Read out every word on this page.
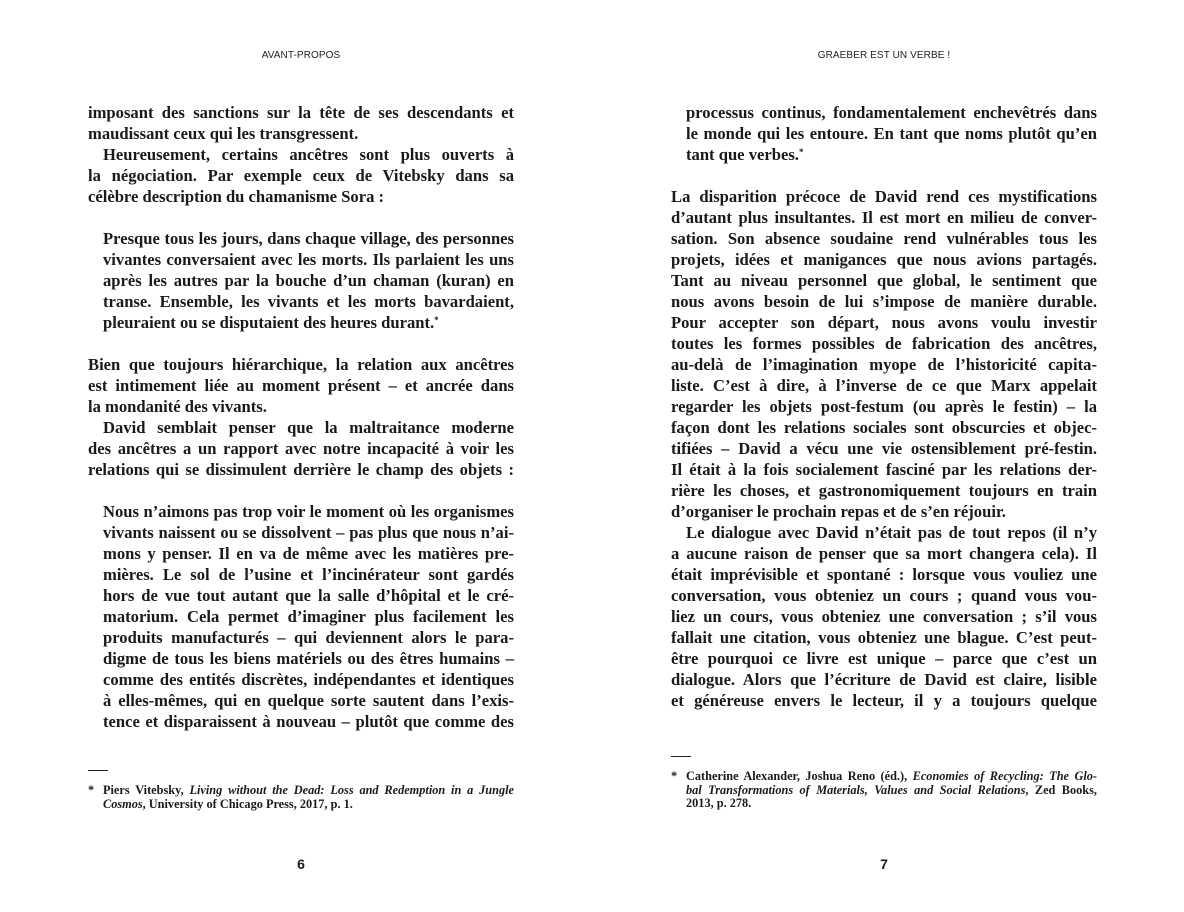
AVANT-PROPOS

imposant des sanctions sur la tête de ses descendants et
maudissant ceux qui les transgressent.

Heureusement, certains ancêtres sont plus ouverts à
la négociation. Par exemple ceux de Vitebsky dans sa
célèbre description du chamanisme Sora :

Presque tous les jours, dans chaque village, des personnes
vivantes conversaient avec les morts. Ils parlaient les uns
après les autres par la bouche d’un chaman (kuran) en
transe. Ensemble, les vivants et les morts bavardaient,
pleuraient ou se disputaient des heures durant.*

Bien que toujours hiérarchique, la relation aux ancêtres
est intimement liée au moment présent – et ancrée dans
la mondanité des vivants.

David semblait penser que la maltraitance moderne
des ancêtres a un rapport avec notre incapacité à voir les
relations qui se dissimulent derrière le champ des objets :

Nous n’aimons pas trop voir le moment où les organismes
vivants naissent ou se dissolvent – pas plus que nous n’ai-
mons y penser. Il en va de même avec les matières pre-
mières. Le sol de l’usine et l’incinérateur sont gardés
hors de vue tout autant que la salle d’hôpital et le cré-
matorium. Cela permet d’imaginer plus facilement les
produits manufacturés – qui deviennent alors le para-
digme de tous les biens matériels ou des êtres humains –
comme des entités discrètes, indépendantes et identiques
à elles-mêmes, qui en quelque sorte sautent dans l’exis-
tence et disparaissent à nouveau – plutôt que comme des
* Piers Vitebsky, Living without the Dead: Loss and Redemption in a Jungle
Cosmos, University of Chicago Press, 2017, p. 1.
6
GRAEBER EST UN VERBE !
processus continus, fondamentalement enchevêtrés dans
le monde qui les entoure. En tant que noms plutôt qu’en
tant que verbes.*

La disparition précoce de David rend ces mystifications
d’autant plus insultantes. Il est mort en milieu de conver-
sation. Son absence soudaine rend vulnérables tous les
projets, idées et manigances que nous avions partagés.
Tant au niveau personnel que global, le sentiment que
nous avons besoin de lui s’impose de manière durable.
Pour accepter son départ, nous avons voulu investir
toutes les formes possibles de fabrication des ancêtres,
au-delà de l’imagination myope de l’historicité capita-
liste. C’est à dire, à l’inverse de ce que Marx appelait
regarder les objets post-festum (ou après le festin) – la
façon dont les relations sociales sont obscurcies et objec-
tifiées – David a vécu une vie ostensiblement pré-festin.
Il était à la fois socialement fasciné par les relations der-
rière les choses, et gastronomiquement toujours en train
d’organiser le prochain repas et de s’en réjouir.

Le dialogue avec David n’était pas de tout repos (il n’y
a aucune raison de penser que sa mort changera cela). Il
était imprévisible et spontané : lorsque vous vouliez une
conversation, vous obteniez un cours ; quand vous vou-
liez un cours, vous obteniez une conversation ; s’il vous
fallait une citation, vous obteniez une blague. C’est peut-
être pourquoi ce livre est unique – parce que c’est un
dialogue. Alors que l’écriture de David est claire, lisible
et généreuse envers le lecteur, il y a toujours quelque

* Catherine Alexander, Joshua Reno (éd.), Economies of Recycling: The Glo-
bal Transformations of Materials, Values and Social Relations, Zed Books,
2013, p. 278.
7
